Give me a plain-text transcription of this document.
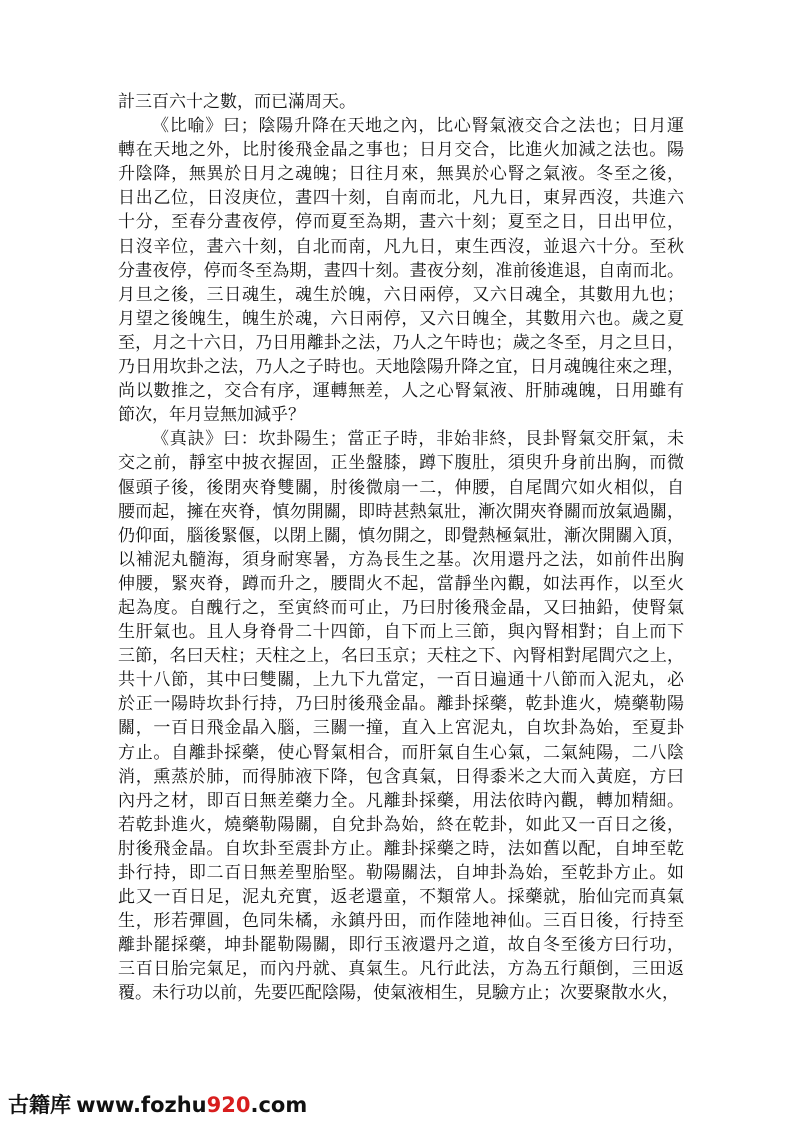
計三百六十之數，而已滿周天。
《比喻》曰；陰陽升降在天地之內，比心腎氣液交合之法也；日月運
轉在天地之外，比肘後飛金晶之事也；日月交合，比進火加減之法也。陽
升陰降，無異於日月之魂魄；日往月來，無異於心腎之氣液。冬至之後，
日出乙位，日沒庚位，晝四十刻，自南而北，凡九日，東昇西沒，共進六
十分，至春分晝夜停，停而夏至為期，晝六十刻；夏至之日，日出甲位，
日沒辛位，晝六十刻，自北而南，凡九日，東生西沒，並退六十分。至秋
分晝夜停，停而冬至為期，晝四十刻。晝夜分刻，准前後進退，自南而北。
月旦之後，三日魂生，魂生於魄，六日兩停，又六日魂全，其數用九也；
月望之後魄生，魄生於魂，六日兩停，又六日魄全，其數用六也。歲之夏
至，月之十六日，乃日用離卦之法，乃人之午時也；歲之冬至，月之旦日，
乃日用坎卦之法，乃人之子時也。天地陰陽升降之宜，日月魂魄往來之理，
尚以數推之，交合有序，運轉無差，人之心腎氣液、肝肺魂魄，日用雖有
節次，年月豈無加減乎？
《真訣》曰：坎卦陽生；當正子時，非始非終，艮卦腎氣交肝氣，未
交之前，靜室中披衣握固，正坐盤膝，蹲下腹肚，須臾升身前出胸，而微
偃頭子後，後閉夾脊雙關，肘後微扇一二，伸腰，自尾閭穴如火相似，自
腰而起，擁在夾脊，慎勿開關，即時甚熱氣壯，漸次開夾脊關而放氣過關，
仍仰面，腦後緊偃，以閉上關，慎勿開之，即覺熱極氣壯，漸次開關入頂，
以補泥丸髓海，須身耐寒暑，方為長生之基。次用還丹之法，如前件出胸
伸腰，緊夾脊，蹲而升之，腰間火不起，當靜坐內觀，如法再作，以至火
起為度。自醜行之，至寅終而可止，乃曰肘後飛金晶，又曰抽鉛，使腎氣
生肝氣也。且人身脊骨二十四節，自下而上三節，與內腎相對；自上而下
三節，名曰天柱；天柱之上，名曰玉京；天柱之下、內腎相對尾閭穴之上，
共十八節，其中曰雙關，上九下九當定，一百日遍通十八節而入泥丸，必
於正一陽時坎卦行持，乃曰肘後飛金晶。離卦採藥，乾卦進火，燒藥勒陽
關，一百日飛金晶入腦，三關一撞，直入上宮泥丸，自坎卦為始，至夏卦
方止。自離卦採藥，使心腎氣相合，而肝氣自生心氣，二氣純陽，二八陰
消，熏蒸於肺，而得肺液下降，包含真氣，日得黍米之大而入黃庭，方曰
內丹之材，即百日無差藥力全。凡離卦採藥，用法依時內觀，轉加精細。
若乾卦進火，燒藥勒陽關，自兌卦為始，終在乾卦，如此又一百日之後，
肘後飛金晶。自坎卦至震卦方止。離卦採藥之時，法如舊以配，自坤至乾
卦行持，即二百日無差聖胎堅。勒陽關法，自坤卦為始，至乾卦方止。如
此又一百日足，泥丸充實，返老還童，不類常人。採藥就，胎仙完而真氣
生，形若彈圓，色同朱橘，永鎮丹田，而作陸地神仙。三百日後，行持至
離卦罷採藥，坤卦罷勒陽關，即行玉液還丹之道，故自冬至後方曰行功，
三百日胎完氣足，而內丹就、真氣生。凡行此法，方為五行顛倒，三田返
覆。未行功以前，先要匹配陰陽，使氣液相生，見驗方止；次要聚散水火，
古籍库 www.fozhu920.com
